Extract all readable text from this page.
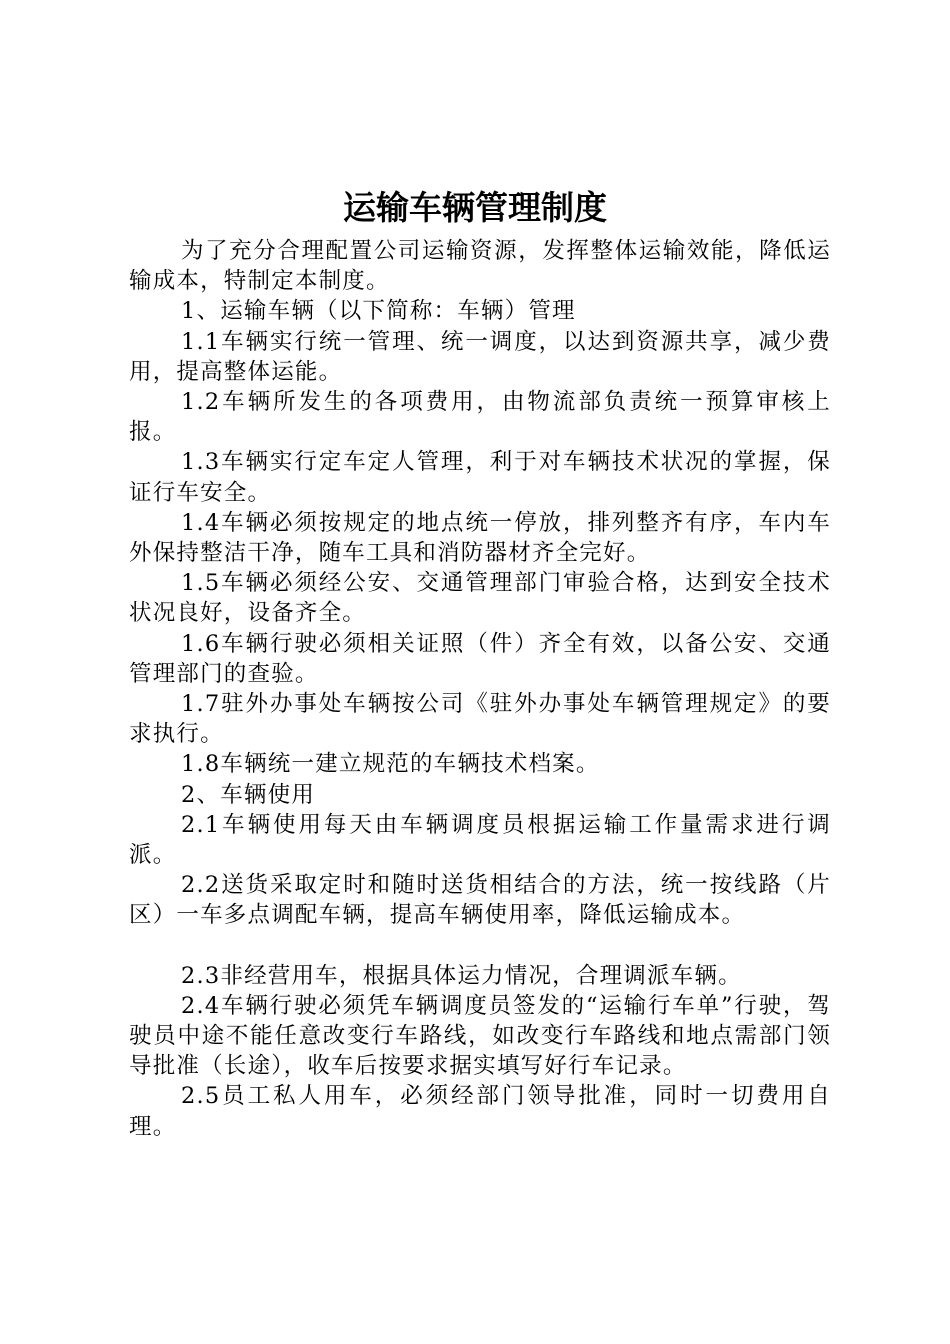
运输车辆管理制度

为了充分合理配置公司运输资源，发挥整体运输效能，降低运输成本，特制定本制度。

1、运输车辆（以下简称：车辆）管理

1.1车辆实行统一管理、统一调度，以达到资源共享，减少费用，提高整体运能。

1.2车辆所发生的各项费用，由物流部负责统一预算审核上报。

1.3车辆实行定车定人管理，利于对车辆技术状况的掌握，保证行车安全。

1.4车辆必须按规定的地点统一停放，排列整齐有序，车内车外保持整洁干净，随车工具和消防器材齐全完好。

1.5车辆必须经公安、交通管理部门审验合格，达到安全技术状况良好，设备齐全。

1.6车辆行驶必须相关证照（件）齐全有效，以备公安、交通管理部门的查验。

1.7驻外办事处车辆按公司《驻外办事处车辆管理规定》的要求执行。

1.8车辆统一建立规范的车辆技术档案。

2、车辆使用

2.1车辆使用每天由车辆调度员根据运输工作量需求进行调派。

2.2送货采取定时和随时送货相结合的方法，统一按线路（片区）一车多点调配车辆，提高车辆使用率，降低运输成本。

2.3非经营用车，根据具体运力情况，合理调派车辆。

2.4车辆行驶必须凭车辆调度员签发的“运输行车单”行驶，驾驶员中途不能任意改变行车路线，如改变行车路线和地点需部门领导批准（长途），收车后按要求据实填写好行车记录。

2.5员工私人用车，必须经部门领导批准，同时一切费用自理。
